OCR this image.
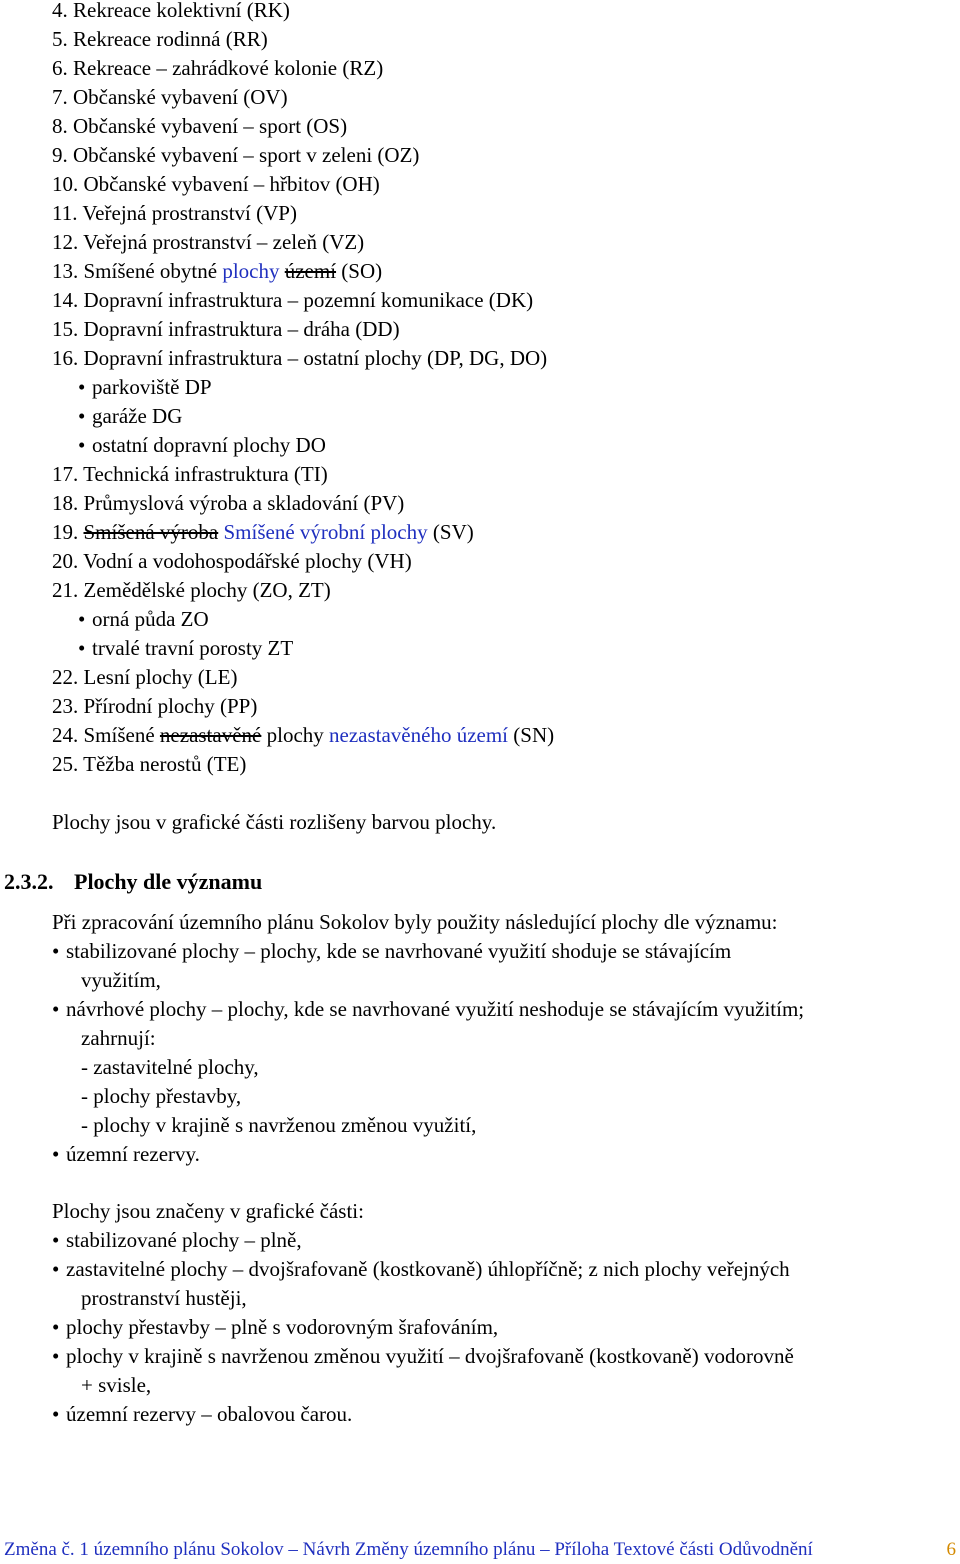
4. Rekreace kolektivní (RK)
5. Rekreace rodinná (RR)
6. Rekreace – zahrádkové kolonie (RZ)
7. Občanské vybavení (OV)
8. Občanské vybavení – sport (OS)
9. Občanské vybavení – sport v zeleni (OZ)
10. Občanské vybavení – hřbitov (OH)
11. Veřejná prostranství (VP)
12. Veřejná prostranství – zeleň (VZ)
13. Smíšené obytné plochy území (SO)
14. Dopravní infrastruktura – pozemní komunikace (DK)
15. Dopravní infrastruktura – dráha (DD)
16. Dopravní infrastruktura – ostatní plochy (DP, DG, DO)
• parkoviště DP
• garáže DG
• ostatní dopravní plochy DO
17. Technická infrastruktura (TI)
18. Průmyslová výroba a skladování (PV)
19. Smíšená výroba Smíšené výrobní plochy (SV)
20. Vodní a vodohospodářské plochy (VH)
21. Zemědělské plochy (ZO, ZT)
• orná půda ZO
• trvalé travní porosty ZT
22. Lesní plochy (LE)
23. Přírodní plochy (PP)
24. Smíšené nezastavěné plochy nezastavěného území (SN)
25. Těžba nerostů (TE)
Plochy jsou v grafické části rozlišeny barvou plochy.
2.3.2. Plochy dle významu
Při zpracování územního plánu Sokolov byly použity následující plochy dle významu:
• stabilizované plochy – plochy, kde se navrhované využití shoduje se stávajícím
využitím,
• návrhové plochy – plochy, kde se navrhované využití neshoduje se stávajícím využitím;
zahrnují:
- zastavitelné plochy,
- plochy přestavby,
- plochy v krajině s navrženou změnou využití,
• územní rezervy.
Plochy jsou značeny v grafické části:
• stabilizované plochy – plně,
• zastavitelné plochy – dvojšrafovaně (kostkovaně) úhlopříčně; z nich plochy veřejných
prostranství hustěji,
• plochy přestavby – plně s vodorovným šrafováním,
• plochy v krajině s navrženou změnou využití – dvojšrafovaně (kostkovaně) vodorovně
+ svisle,
• územní rezervy – obalovou čarou.
Změna č. 1 územního plánu Sokolov – Návrh Změny územního plánu – Příloha Textové části Odůvodnění	6
